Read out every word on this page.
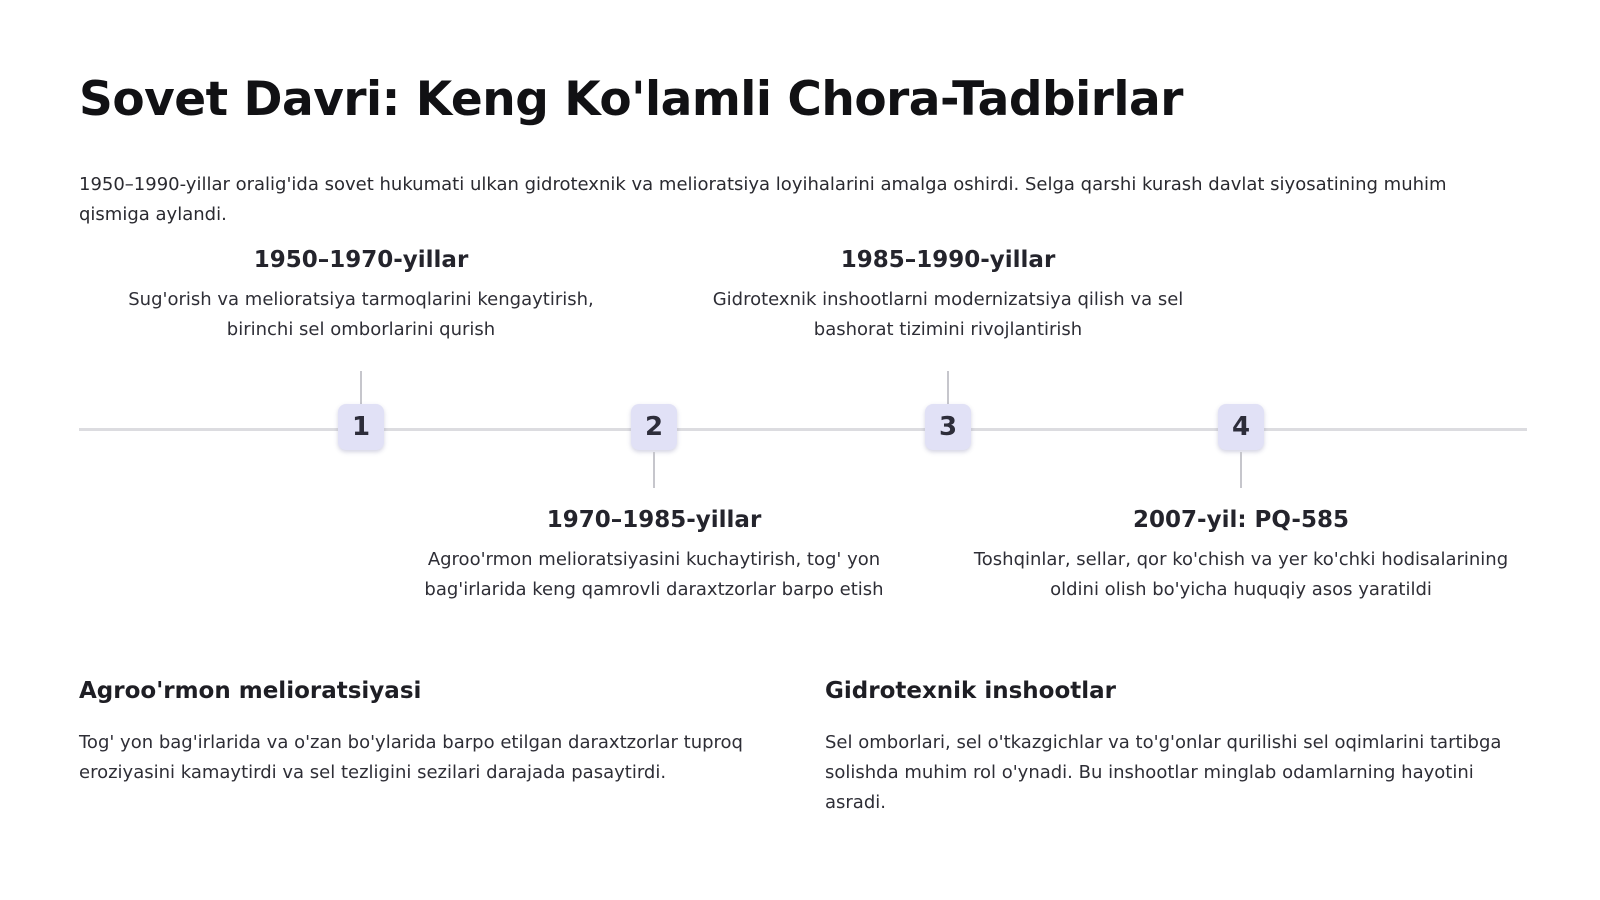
Sovet Davri: Keng Ko'lamli Chora-Tadbirlar

1950–1990-yillar oralig'ida sovet hukumati ulkan gidrotexnik va melioratsiya loyihalarini amalga oshirdi. Selga qarshi kurash davlat siyosatining muhim qismiga aylandi.

1
1950–1970-yillar
Sug'orish va melioratsiya tarmoqlarini kengaytirish, birinchi sel omborlarini qurish
2
1970–1985-yillar
Agroo'rmon melioratsiyasini kuchaytirish, tog' yon bag'irlarida keng qamrovli daraxtzorlar barpo etish
3
1985–1990-yillar
Gidrotexnik inshootlarni modernizatsiya qilish va sel bashorat tizimini rivojlantirish
4
2007-yil: PQ-585
Toshqinlar, sellar, qor ko'chish va yer ko'chki hodisalarining oldini olish bo'yicha huquqiy asos yaratildi
Agroo'rmon melioratsiyasi

Tog' yon bag'irlarida va o'zan bo'ylarida barpo etilgan daraxtzorlar tuproq eroziyasini kamaytirdi va sel tezligini sezilari darajada pasaytirdi.

Gidrotexnik inshootlar

Sel omborlari, sel o'tkazgichlar va to'g'onlar qurilishi sel oqimlarini tartibga solishda muhim rol o'ynadi. Bu inshootlar minglab odamlarning hayotini asradi.
